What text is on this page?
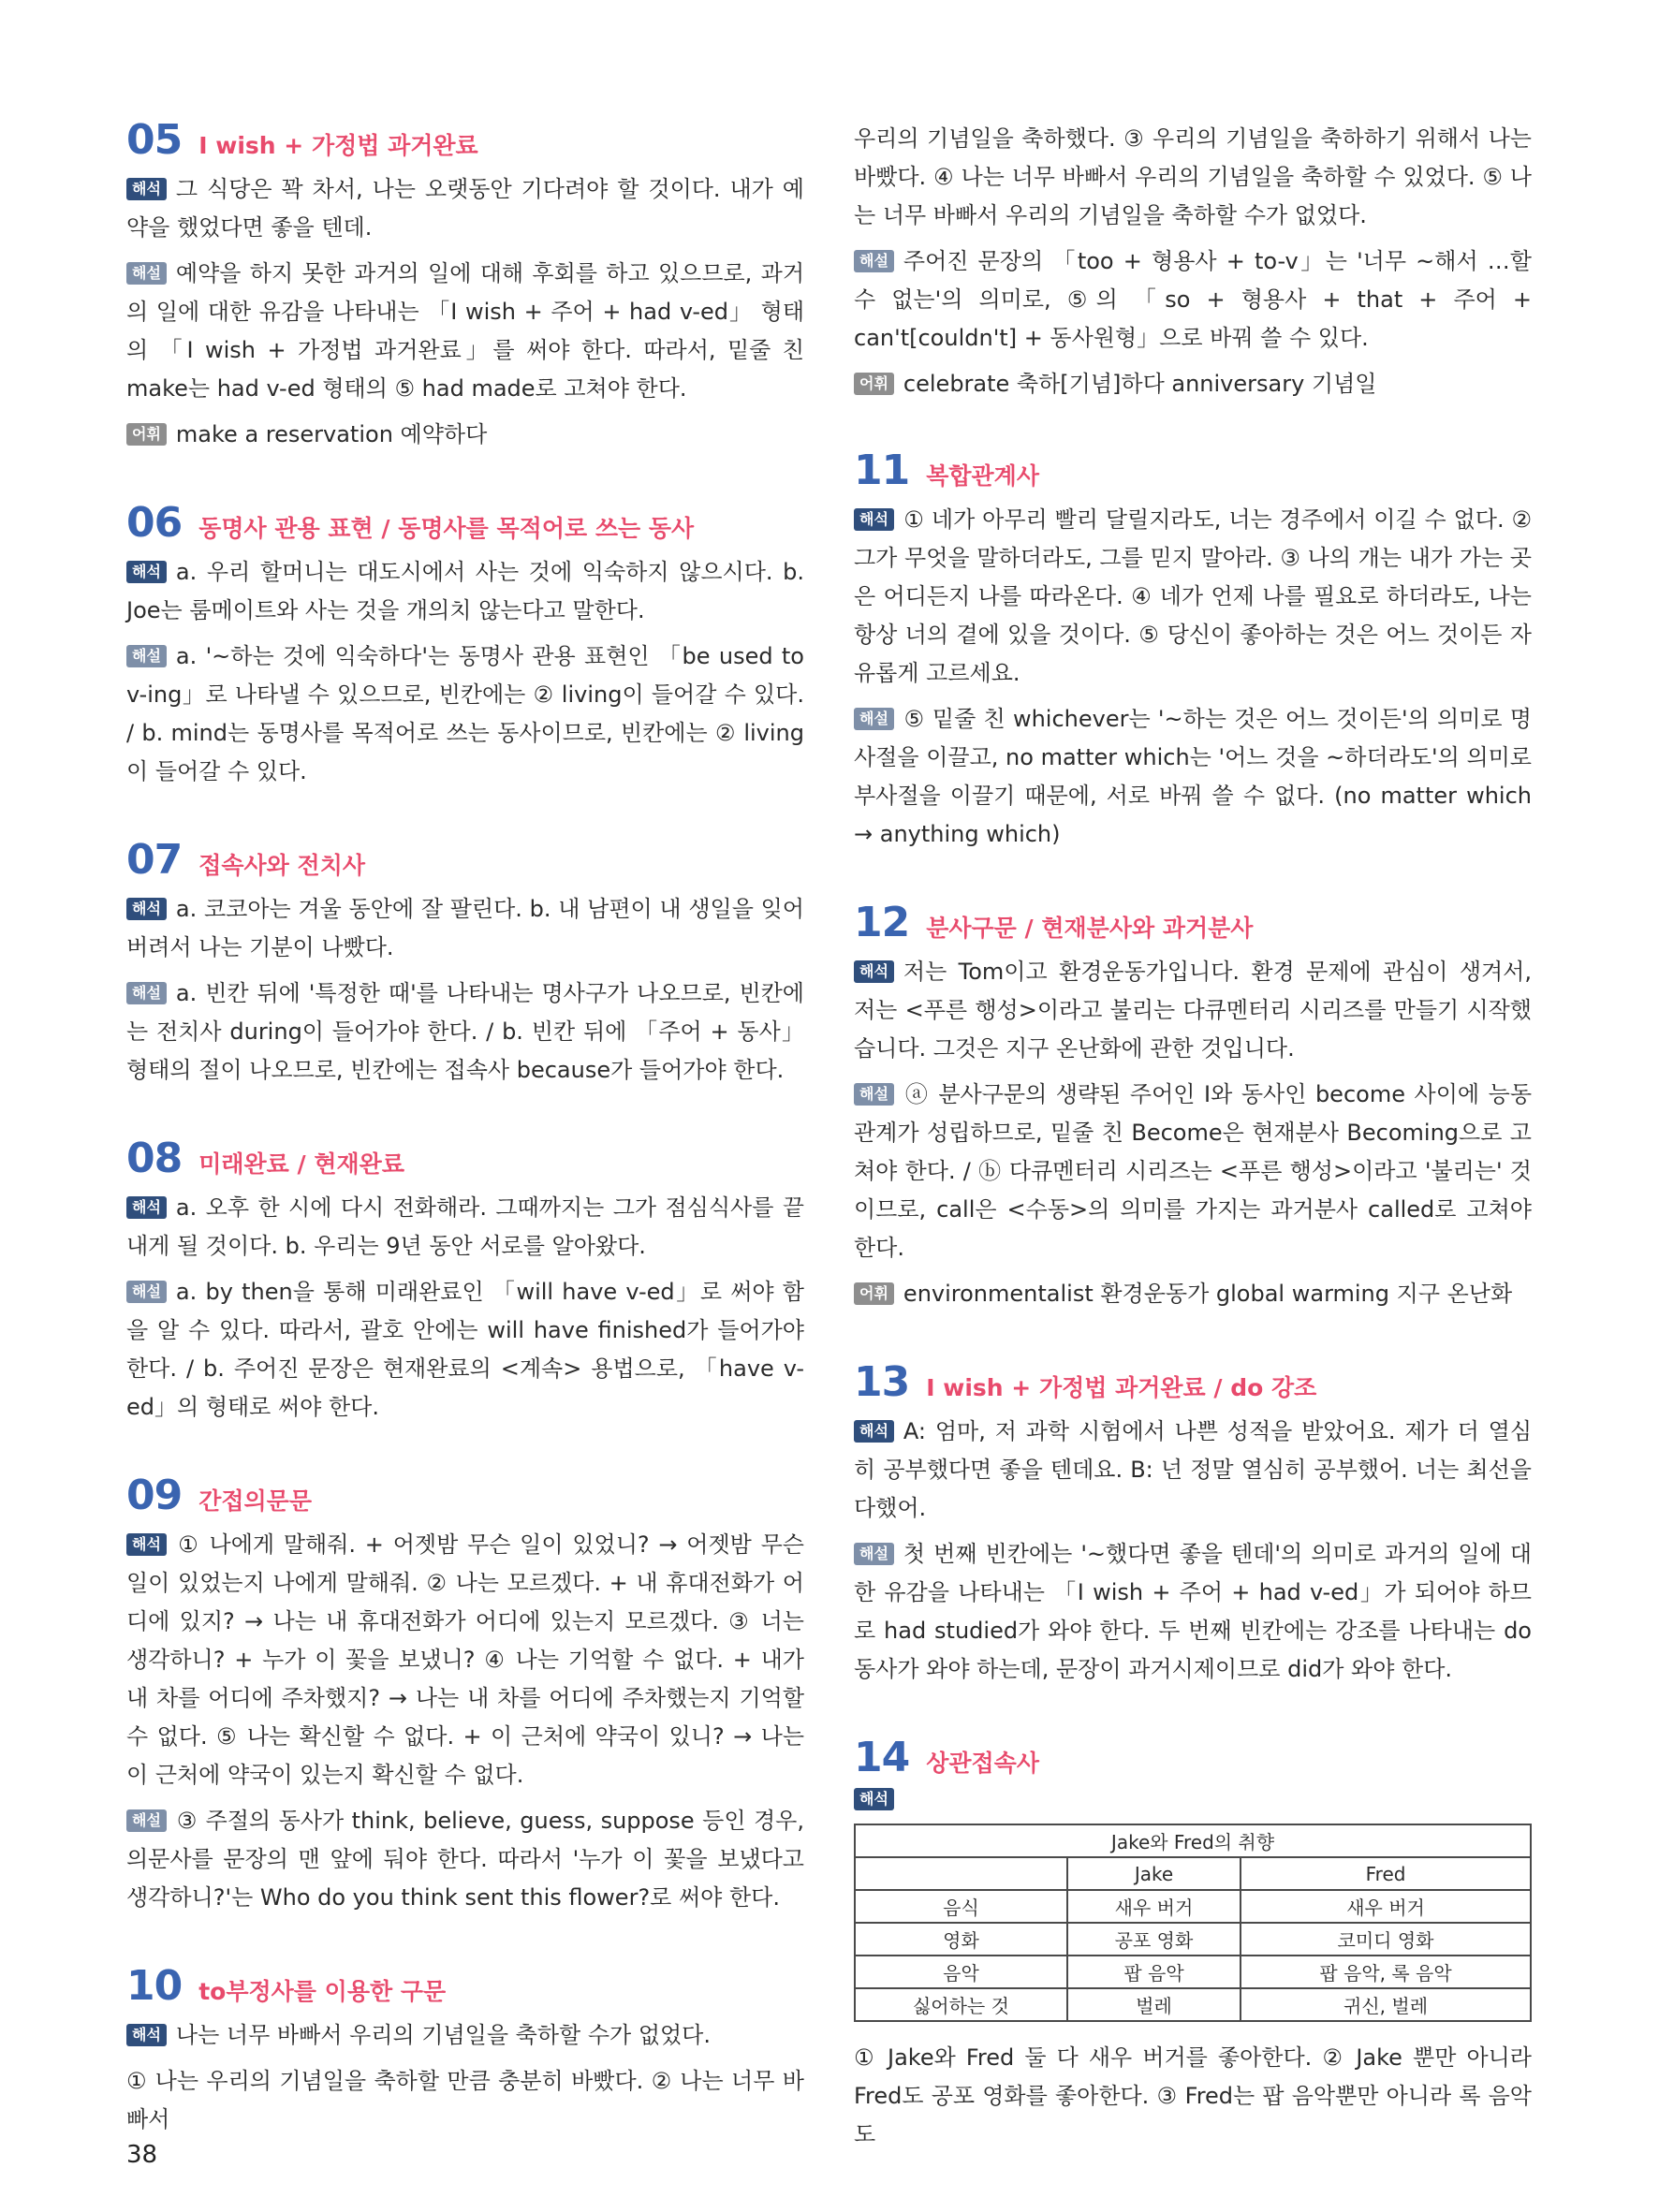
05 I wish + 가정법 과거완료

해석 그 식당은 꽉 차서, 나는 오랫동안 기다려야 할 것이다. 내가 예약을 했었다면 좋을 텐데.

해설 예약을 하지 못한 과거의 일에 대해 후회를 하고 있으므로, 과거의 일에 대한 유감을 나타내는 「I wish + 주어 + had v-ed」 형태의 「I wish + 가정법 과거완료」를 써야 한다. 따라서, 밑줄 친 make는 had v-ed 형태의 ⑤ had made로 고쳐야 한다.

어휘 make a reservation 예약하다

06 동명사 관용 표현 / 동명사를 목적어로 쓰는 동사

해석 a. 우리 할머니는 대도시에서 사는 것에 익숙하지 않으시다. b. Joe는 룸메이트와 사는 것을 개의치 않는다고 말한다.

해설 a. '~하는 것에 익숙하다'는 동명사 관용 표현인 「be used to v-ing」로 나타낼 수 있으므로, 빈칸에는 ② living이 들어갈 수 있다. / b. mind는 동명사를 목적어로 쓰는 동사이므로, 빈칸에는 ② living이 들어갈 수 있다.

07 접속사와 전치사

해석 a. 코코아는 겨울 동안에 잘 팔린다. b. 내 남편이 내 생일을 잊어버려서 나는 기분이 나빴다.

해설 a. 빈칸 뒤에 '특정한 때'를 나타내는 명사구가 나오므로, 빈칸에는 전치사 during이 들어가야 한다. / b. 빈칸 뒤에 「주어 + 동사」 형태의 절이 나오므로, 빈칸에는 접속사 because가 들어가야 한다.

08 미래완료 / 현재완료

해석 a. 오후 한 시에 다시 전화해라. 그때까지는 그가 점심식사를 끝내게 될 것이다. b. 우리는 9년 동안 서로를 알아왔다.

해설 a. by then을 통해 미래완료인 「will have v-ed」로 써야 함을 알 수 있다. 따라서, 괄호 안에는 will have finished가 들어가야 한다. / b. 주어진 문장은 현재완료의 <계속> 용법으로, 「have v-ed」의 형태로 써야 한다.

09 간접의문문

해석 ① 나에게 말해줘. + 어젯밤 무슨 일이 있었니? → 어젯밤 무슨 일이 있었는지 나에게 말해줘. ② 나는 모르겠다. + 내 휴대전화가 어디에 있지? → 나는 내 휴대전화가 어디에 있는지 모르겠다. ③ 너는 생각하니? + 누가 이 꽃을 보냈니? ④ 나는 기억할 수 없다. + 내가 내 차를 어디에 주차했지? → 나는 내 차를 어디에 주차했는지 기억할 수 없다. ⑤ 나는 확신할 수 없다. + 이 근처에 약국이 있니? → 나는 이 근처에 약국이 있는지 확신할 수 없다.

해설 ③ 주절의 동사가 think, believe, guess, suppose 등인 경우, 의문사를 문장의 맨 앞에 둬야 한다. 따라서 '누가 이 꽃을 보냈다고 생각하니?'는 Who do you think sent this flower?로 써야 한다.

10 to부정사를 이용한 구문

해석 나는 너무 바빠서 우리의 기념일을 축하할 수가 없었다.

① 나는 우리의 기념일을 축하할 만큼 충분히 바빴다. ② 나는 너무 바빠서

우리의 기념일을 축하했다. ③ 우리의 기념일을 축하하기 위해서 나는 바빴다. ④ 나는 너무 바빠서 우리의 기념일을 축하할 수 있었다. ⑤ 나는 너무 바빠서 우리의 기념일을 축하할 수가 없었다.

해설 주어진 문장의 「too + 형용사 + to-v」는 '너무 ~해서 …할 수 없는'의 의미로, ⑤의 「so + 형용사 + that + 주어 + can't[couldn't] + 동사원형」으로 바꿔 쓸 수 있다.

어휘 celebrate 축하[기념]하다 anniversary 기념일

11 복합관계사

해석 ① 네가 아무리 빨리 달릴지라도, 너는 경주에서 이길 수 없다. ② 그가 무엇을 말하더라도, 그를 믿지 말아라. ③ 나의 개는 내가 가는 곳은 어디든지 나를 따라온다. ④ 네가 언제 나를 필요로 하더라도, 나는 항상 너의 곁에 있을 것이다. ⑤ 당신이 좋아하는 것은 어느 것이든 자유롭게 고르세요.

해설 ⑤ 밑줄 친 whichever는 '~하는 것은 어느 것이든'의 의미로 명사절을 이끌고, no matter which는 '어느 것을 ~하더라도'의 의미로 부사절을 이끌기 때문에, 서로 바꿔 쓸 수 없다. (no matter which → anything which)

12 분사구문 / 현재분사와 과거분사

해석 저는 Tom이고 환경운동가입니다. 환경 문제에 관심이 생겨서, 저는 <푸른 행성>이라고 불리는 다큐멘터리 시리즈를 만들기 시작했습니다. 그것은 지구 온난화에 관한 것입니다.

해설 ⓐ 분사구문의 생략된 주어인 I와 동사인 become 사이에 능동 관계가 성립하므로, 밑줄 친 Become은 현재분사 Becoming으로 고쳐야 한다. / ⓑ 다큐멘터리 시리즈는 <푸른 행성>이라고 '불리는' 것이므로, call은 <수동>의 의미를 가지는 과거분사 called로 고쳐야 한다.

어휘 environmentalist 환경운동가 global warming 지구 온난화

13 I wish + 가정법 과거완료 / do 강조

해석 A: 엄마, 저 과학 시험에서 나쁜 성적을 받았어요. 제가 더 열심히 공부했다면 좋을 텐데요. B: 넌 정말 열심히 공부했어. 너는 최선을 다했어.

해설 첫 번째 빈칸에는 '~했다면 좋을 텐데'의 의미로 과거의 일에 대한 유감을 나타내는 「I wish + 주어 + had v-ed」가 되어야 하므로 had studied가 와야 한다. 두 번째 빈칸에는 강조를 나타내는 do동사가 와야 하는데, 문장이 과거시제이므로 did가 와야 한다.

14 상관접속사
해석
Jake와 Fred의 취향		
	Jake	Fred
음식	새우 버거	새우 버거
영화	공포 영화	코미디 영화
음악	팝 음악	팝 음악, 록 음악
싫어하는 것	벌레	귀신, 벌레

① Jake와 Fred 둘 다 새우 버거를 좋아한다. ② Jake 뿐만 아니라 Fred도 공포 영화를 좋아한다. ③ Fred는 팝 음악뿐만 아니라 록 음악도

38
